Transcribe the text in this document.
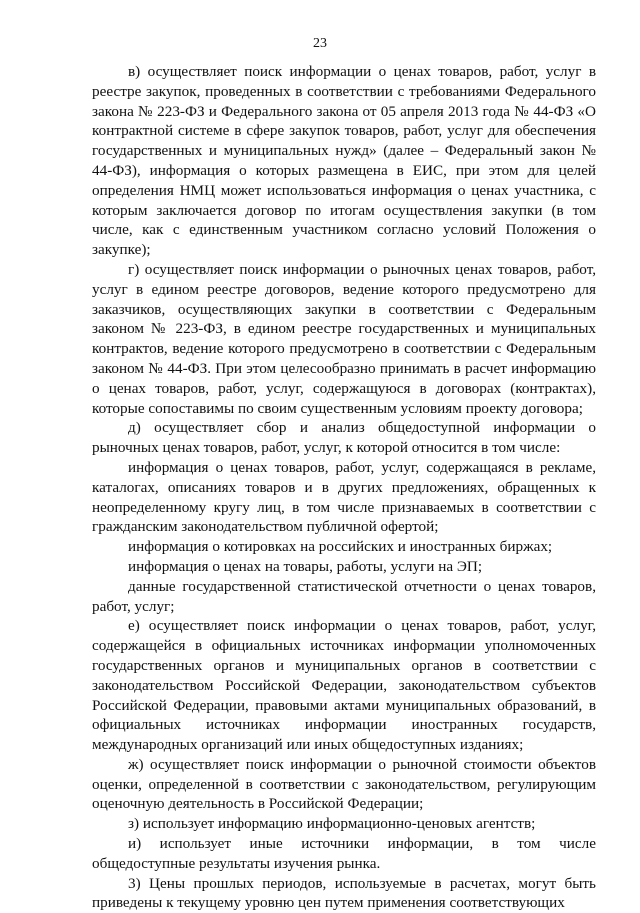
23

в) осуществляет поиск информации о ценах товаров, работ, услуг в реестре закупок, проведенных в соответствии с требованиями Федерального закона № 223-ФЗ и Федерального закона от 05 апреля 2013 года № 44-ФЗ «О контрактной системе в сфере закупок товаров, работ, услуг для обеспечения государственных и муниципальных нужд» (далее – Федеральный закон № 44-ФЗ), информация о которых размещена в ЕИС, при этом для целей определения НМЦ может использоваться информация о ценах участника, с которым заключается договор по итогам осуществления закупки (в том числе, как с единственным участником согласно условий Положения о закупке);

г) осуществляет поиск информации о рыночных ценах товаров, работ, услуг в едином реестре договоров, ведение которого предусмотрено для заказчиков, осуществляющих закупки в соответствии с Федеральным законом № 223-ФЗ, в едином реестре государственных и муниципальных контрактов, ведение которого предусмотрено в соответствии с Федеральным законом № 44-ФЗ. При этом целесообразно принимать в расчет информацию о ценах товаров, работ, услуг, содержащуюся в договорах (контрактах), которые сопоставимы по своим существенным условиям проекту договора;

д) осуществляет сбор и анализ общедоступной информации о рыночных ценах товаров, работ, услуг, к которой относится в том числе:

информация о ценах товаров, работ, услуг, содержащаяся в рекламе, каталогах, описаниях товаров и в других предложениях, обращенных к неопределенному кругу лиц, в том числе признаваемых в соответствии с гражданским законодательством публичной офертой;

информация о котировках на российских и иностранных биржах;

информация о ценах на товары, работы, услуги на ЭП;

данные государственной статистической отчетности о ценах товаров, работ, услуг;

е) осуществляет поиск информации о ценах товаров, работ, услуг, содержащейся в официальных источниках информации уполномоченных государственных органов и муниципальных органов в соответствии с законодательством Российской Федерации, законодательством субъектов Российской Федерации, правовыми актами муниципальных образований, в официальных источниках информации иностранных государств, международных организаций или иных общедоступных изданиях;

ж) осуществляет поиск информации о рыночной стоимости объектов оценки, определенной в соответствии с законодательством, регулирующим оценочную деятельность в Российской Федерации;

з) использует информацию информационно-ценовых агентств;

и) использует иные источники информации, в том числе общедоступные результаты изучения рынка.

3) Цены прошлых периодов, используемые в расчетах, могут быть приведены к текущему уровню цен путем применения соответствующих
